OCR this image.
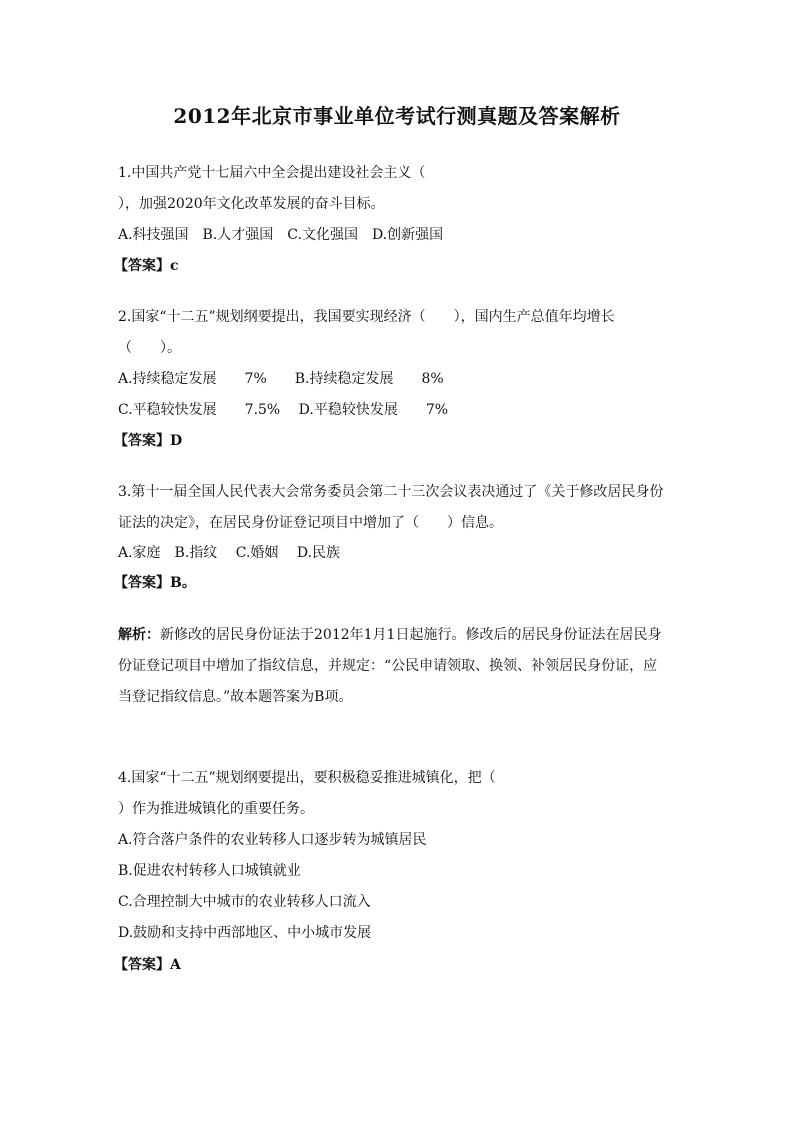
2012年北京市事业单位考试行测真题及答案解析
1.中国共产党十七届六中全会提出建设社会主义（
），加强2020年文化改革发展的奋斗目标。
A.科技强国　B.人才强国　C.文化强国　D.创新强国
【答案】c
2.国家“十二五”规划纲要提出，我国要实现经济（　　），国内生产总值年均增长
（　　）。
A.持续稳定发展　　7%　　B.持续稳定发展　　8%
C.平稳较快发展　　7.5%　 D.平稳较快发展　　7%
【答案】D
3.第十一届全国人民代表大会常务委员会第二十三次会议表决通过了《关于修改居民身份
证法的决定》，在居民身份证登记项目中增加了（　　）信息。
A.家庭　B.指纹　 C.婚姻　 D.民族
【答案】B。
解析：新修改的居民身份证法于2012年1月1日起施行。修改后的居民身份证法在居民身
份证登记项目中增加了指纹信息，并规定：“公民申请领取、换领、补领居民身份证，应
当登记指纹信息。”故本题答案为B项。
4.国家“十二五”规划纲要提出，要积极稳妥推进城镇化，把（
）作为推进城镇化的重要任务。
A.符合落户条件的农业转移人口逐步转为城镇居民
B.促进农村转移人口城镇就业
C.合理控制大中城市的农业转移人口流入
D.鼓励和支持中西部地区、中小城市发展
【答案】A
